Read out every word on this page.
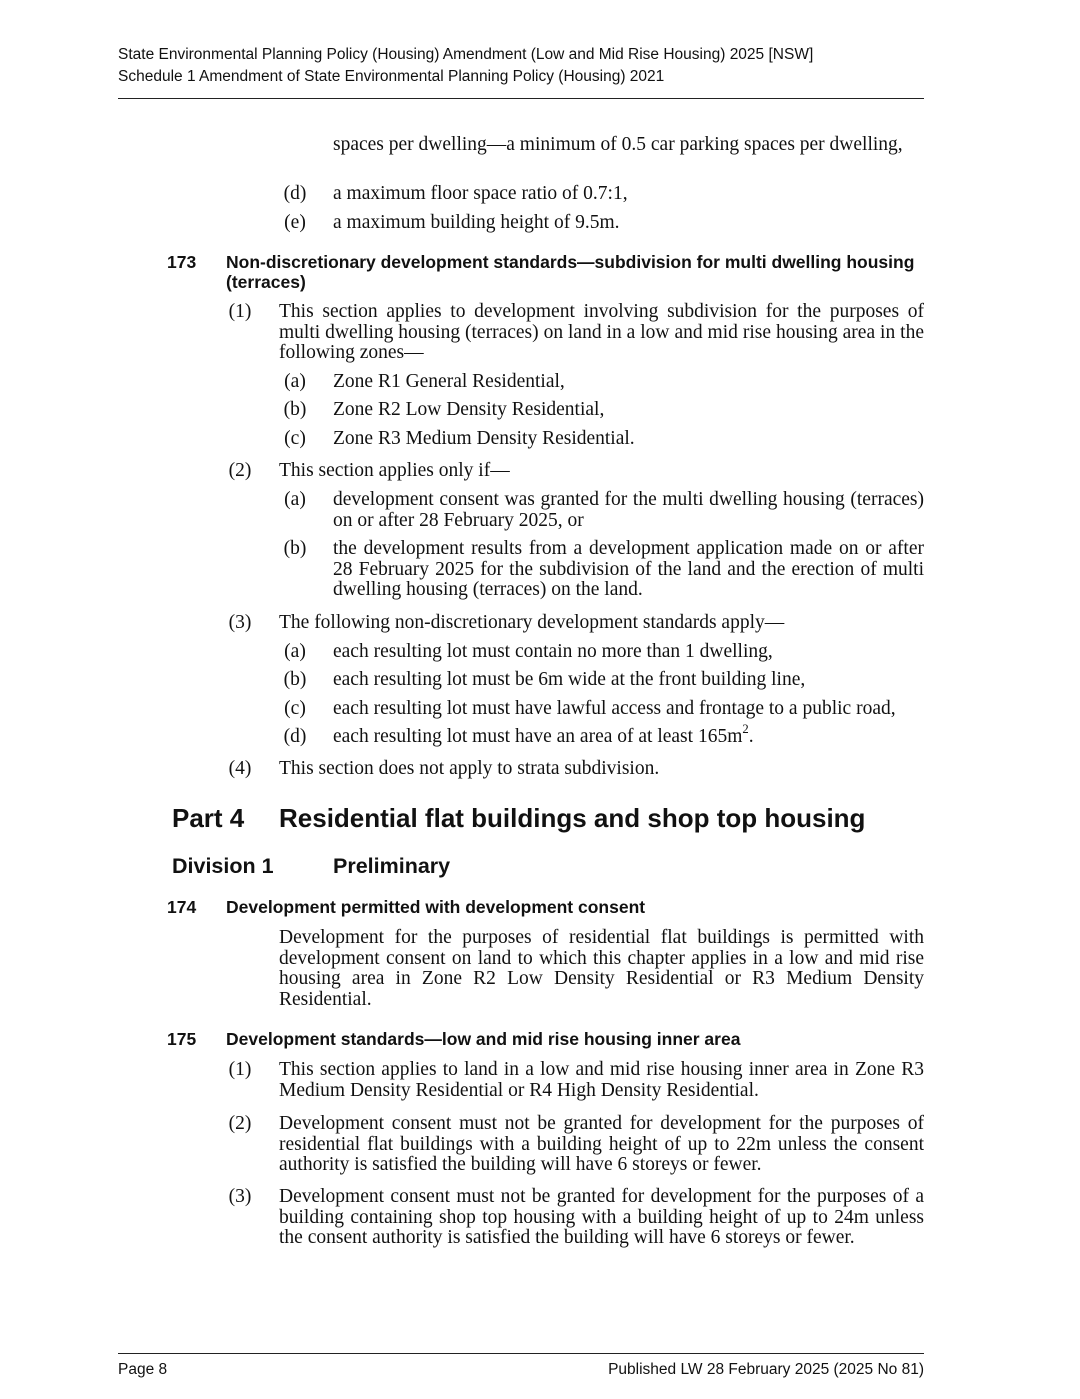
State Environmental Planning Policy (Housing) Amendment (Low and Mid Rise Housing) 2025 [NSW]
Schedule 1 Amendment of State Environmental Planning Policy (Housing) 2021
spaces per dwelling—a minimum of 0.5 car parking spaces per dwelling,
(d)	a maximum floor space ratio of 0.7:1,
(e)	a maximum building height of 9.5m.
173 Non-discretionary development standards—subdivision for multi dwelling housing (terraces)
(1)	This section applies to development involving subdivision for the purposes of multi dwelling housing (terraces) on land in a low and mid rise housing area in the following zones—
(a)	Zone R1 General Residential,
(b)	Zone R2 Low Density Residential,
(c)	Zone R3 Medium Density Residential.
(2)	This section applies only if—
(a)	development consent was granted for the multi dwelling housing (terraces) on or after 28 February 2025, or
(b)	the development results from a development application made on or after 28 February 2025 for the subdivision of the land and the erection of multi dwelling housing (terraces) on the land.
(3)	The following non-discretionary development standards apply—
(a)	each resulting lot must contain no more than 1 dwelling,
(b)	each resulting lot must be 6m wide at the front building line,
(c)	each resulting lot must have lawful access and frontage to a public road,
(d)	each resulting lot must have an area of at least $165m^2$.
(4)	This section does not apply to strata subdivision.
Part 4 Residential flat buildings and shop top housing
Division 1	Preliminary
174 Development permitted with development consent
Development for the purposes of residential flat buildings is permitted with development consent on land to which this chapter applies in a low and mid rise housing area in Zone R2 Low Density Residential or R3 Medium Density Residential.
175 Development standards—low and mid rise housing inner area
(1)	This section applies to land in a low and mid rise housing inner area in Zone R3 Medium Density Residential or R4 High Density Residential.
(2)	Development consent must not be granted for development for the purposes of residential flat buildings with a building height of up to 22m unless the consent authority is satisfied the building will have 6 storeys or fewer.
(3)	Development consent must not be granted for development for the purposes of a building containing shop top housing with a building height of up to 24m unless the consent authority is satisfied the building will have 6 storeys or fewer.
Page 8	Published LW 28 February 2025 (2025 No 81)
